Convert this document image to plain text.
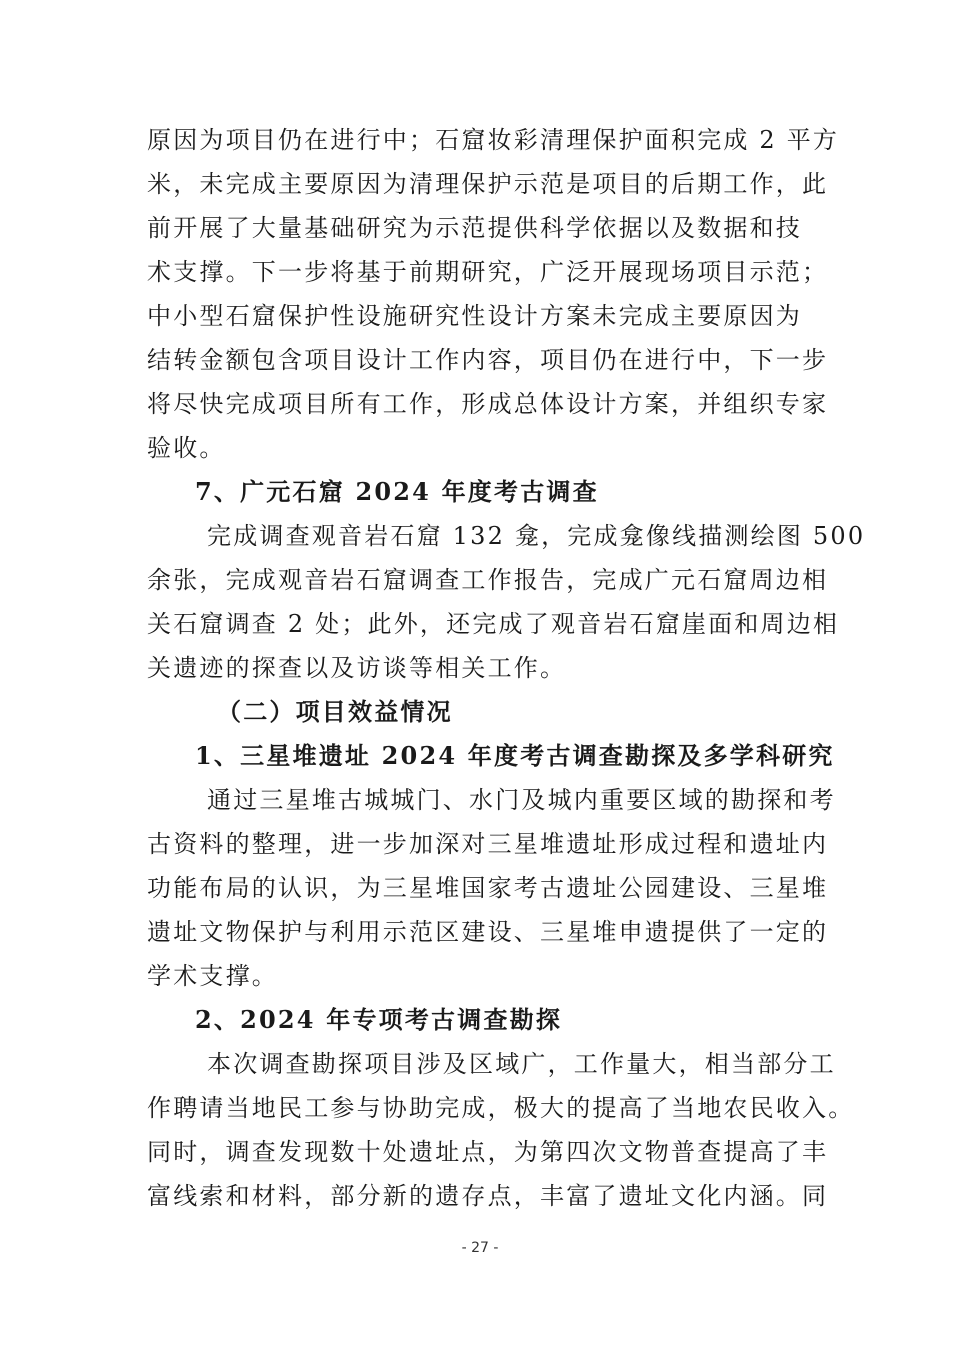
原因为项目仍在进行中；石窟妆彩清理保护面积完成 2 平方
米，未完成主要原因为清理保护示范是项目的后期工作，此
前开展了大量基础研究为示范提供科学依据以及数据和技
术支撑。下一步将基于前期研究，广泛开展现场项目示范；
中小型石窟保护性设施研究性设计方案未完成主要原因为
结转金额包含项目设计工作内容，项目仍在进行中，下一步
将尽快完成项目所有工作，形成总体设计方案，并组织专家
验收。
7、广元石窟 2024 年度考古调查
完成调查观音岩石窟 132 龛，完成龛像线描测绘图 500
余张，完成观音岩石窟调查工作报告，完成广元石窟周边相
关石窟调查 2 处；此外，还完成了观音岩石窟崖面和周边相
关遗迹的探查以及访谈等相关工作。
（二）项目效益情况
1、三星堆遗址 2024 年度考古调查勘探及多学科研究
通过三星堆古城城门、水门及城内重要区域的勘探和考
古资料的整理，进一步加深对三星堆遗址形成过程和遗址内
功能布局的认识，为三星堆国家考古遗址公园建设、三星堆
遗址文物保护与利用示范区建设、三星堆申遗提供了一定的
学术支撑。
2、2024 年专项考古调查勘探
本次调查勘探项目涉及区域广，工作量大，相当部分工
作聘请当地民工参与协助完成，极大的提高了当地农民收入。
同时，调查发现数十处遗址点，为第四次文物普查提高了丰
富线索和材料，部分新的遗存点，丰富了遗址文化内涵。同
- 27 -
